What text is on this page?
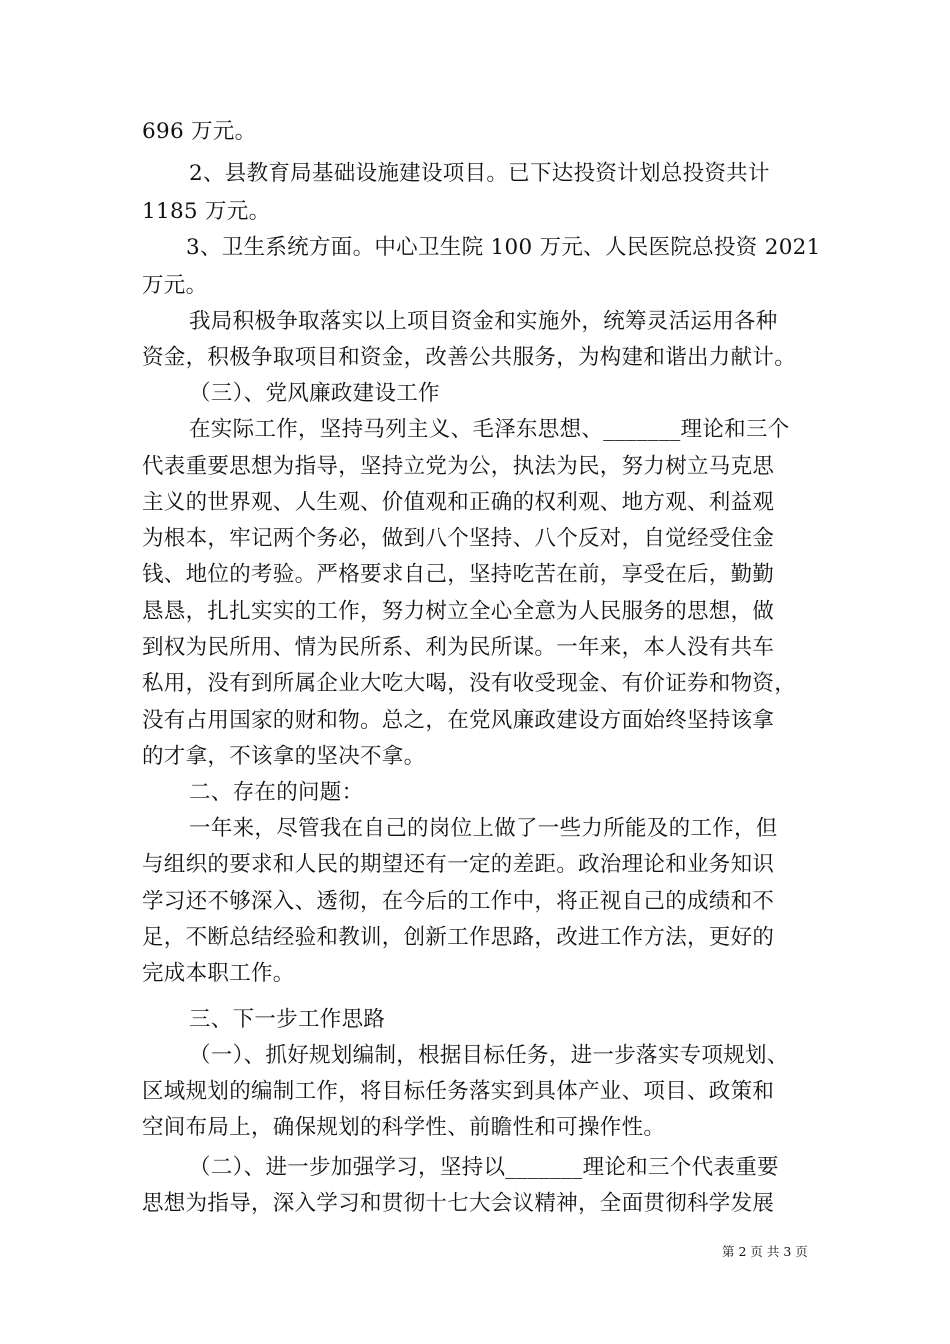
696 万元。
2、县教育局基础设施建设项目。已下达投资计划总投资共计
1185 万元。
3、卫生系统方面。中心卫生院 100 万元、人民医院总投资 2021
万元。
我局积极争取落实以上项目资金和实施外，统筹灵活运用各种
资金，积极争取项目和资金，改善公共服务，为构建和谐出力献计。
（三）、党风廉政建设工作
在实际工作，坚持马列主义、毛泽东思想、_______理论和三个
代表重要思想为指导，坚持立党为公，执法为民，努力树立马克思
主义的世界观、人生观、价值观和正确的权利观、地方观、利益观
为根本，牢记两个务必，做到八个坚持、八个反对，自觉经受住金
钱、地位的考验。严格要求自己，坚持吃苦在前，享受在后，勤勤
恳恳，扎扎实实的工作，努力树立全心全意为人民服务的思想，做
到权为民所用、情为民所系、利为民所谋。一年来，本人没有共车
私用，没有到所属企业大吃大喝，没有收受现金、有价证券和物资，
没有占用国家的财和物。总之，在党风廉政建设方面始终坚持该拿
的才拿，不该拿的坚决不拿。
二、存在的问题：
一年来，尽管我在自己的岗位上做了一些力所能及的工作，但
与组织的要求和人民的期望还有一定的差距。政治理论和业务知识
学习还不够深入、透彻，在今后的工作中，将正视自己的成绩和不
足，不断总结经验和教训，创新工作思路，改进工作方法，更好的
完成本职工作。
三、下一步工作思路
（一）、抓好规划编制，根据目标任务，进一步落实专项规划、
区域规划的编制工作，将目标任务落实到具体产业、项目、政策和
空间布局上，确保规划的科学性、前瞻性和可操作性。
（二）、进一步加强学习，坚持以_______理论和三个代表重要
思想为指导，深入学习和贯彻十七大会议精神，全面贯彻科学发展
第 2 页 共 3 页
